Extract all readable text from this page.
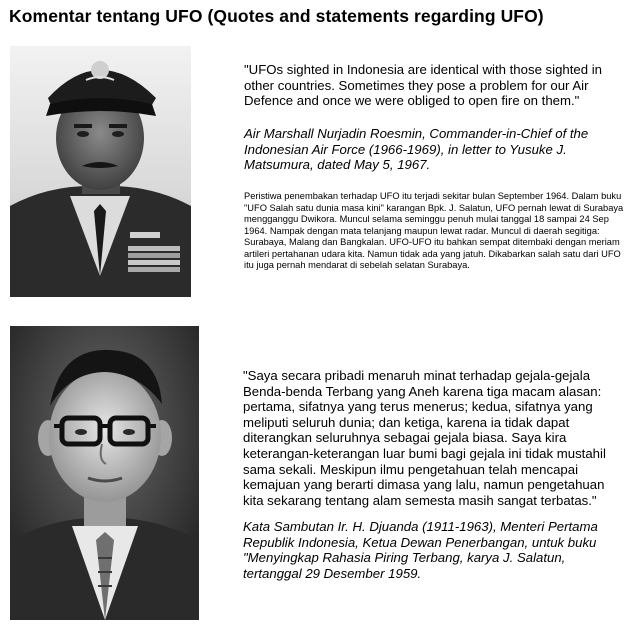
Komentar tentang UFO (Quotes and statements regarding UFO)

"UFOs sighted in Indonesia are identical with those sighted in other countries. Sometimes they pose a problem for our Air Defence and once we were obliged to open fire on them."

Air Marshall Nurjadin Roesmin, Commander-in-Chief of the Indonesian Air Force (1966-1969), in letter to Yusuke J. Matsumura, dated May 5, 1967.

Peristiwa penembakan terhadap UFO itu terjadi sekitar bulan September 1964. Dalam buku "UFO Salah satu dunia masa kini" karangan Bpk. J. Salatun, UFO pernah lewat di Surabaya mengganggu Dwikora. Muncul selama seminggu penuh mulai tanggal 18 sampai 24 Sep 1964. Nampak dengan mata telanjang maupun lewat radar. Muncul di daerah segitiga: Surabaya, Malang dan Bangkalan. UFO-UFO itu bahkan sempat ditembaki dengan meriam artileri pertahanan udara kita. Namun tidak ada yang jatuh. Dikabarkan salah satu dari UFO itu juga pernah mendarat di sebelah selatan Surabaya.

"Saya secara pribadi menaruh minat terhadap gejala-gejala Benda-benda Terbang yang Aneh karena tiga macam alasan: pertama, sifatnya yang terus menerus; kedua, sifatnya yang meliputi seluruh dunia; dan ketiga, karena ia tidak dapat diterangkan seluruhnya sebagai gejala biasa. Saya kira keterangan-keterangan luar bumi bagi gejala ini tidak mustahil sama sekali. Meskipun ilmu pengetahuan telah mencapai kemajuan yang berarti dimasa yang lalu, namun pengetahuan kita sekarang tentang alam semesta masih sangat terbatas."

Kata Sambutan Ir. H. Djuanda (1911-1963), Menteri Pertama Republik Indonesia, Ketua Dewan Penerbangan, untuk buku "Menyingkap Rahasia Piring Terbang, karya J. Salatun, tertanggal 29 Desember 1959.
